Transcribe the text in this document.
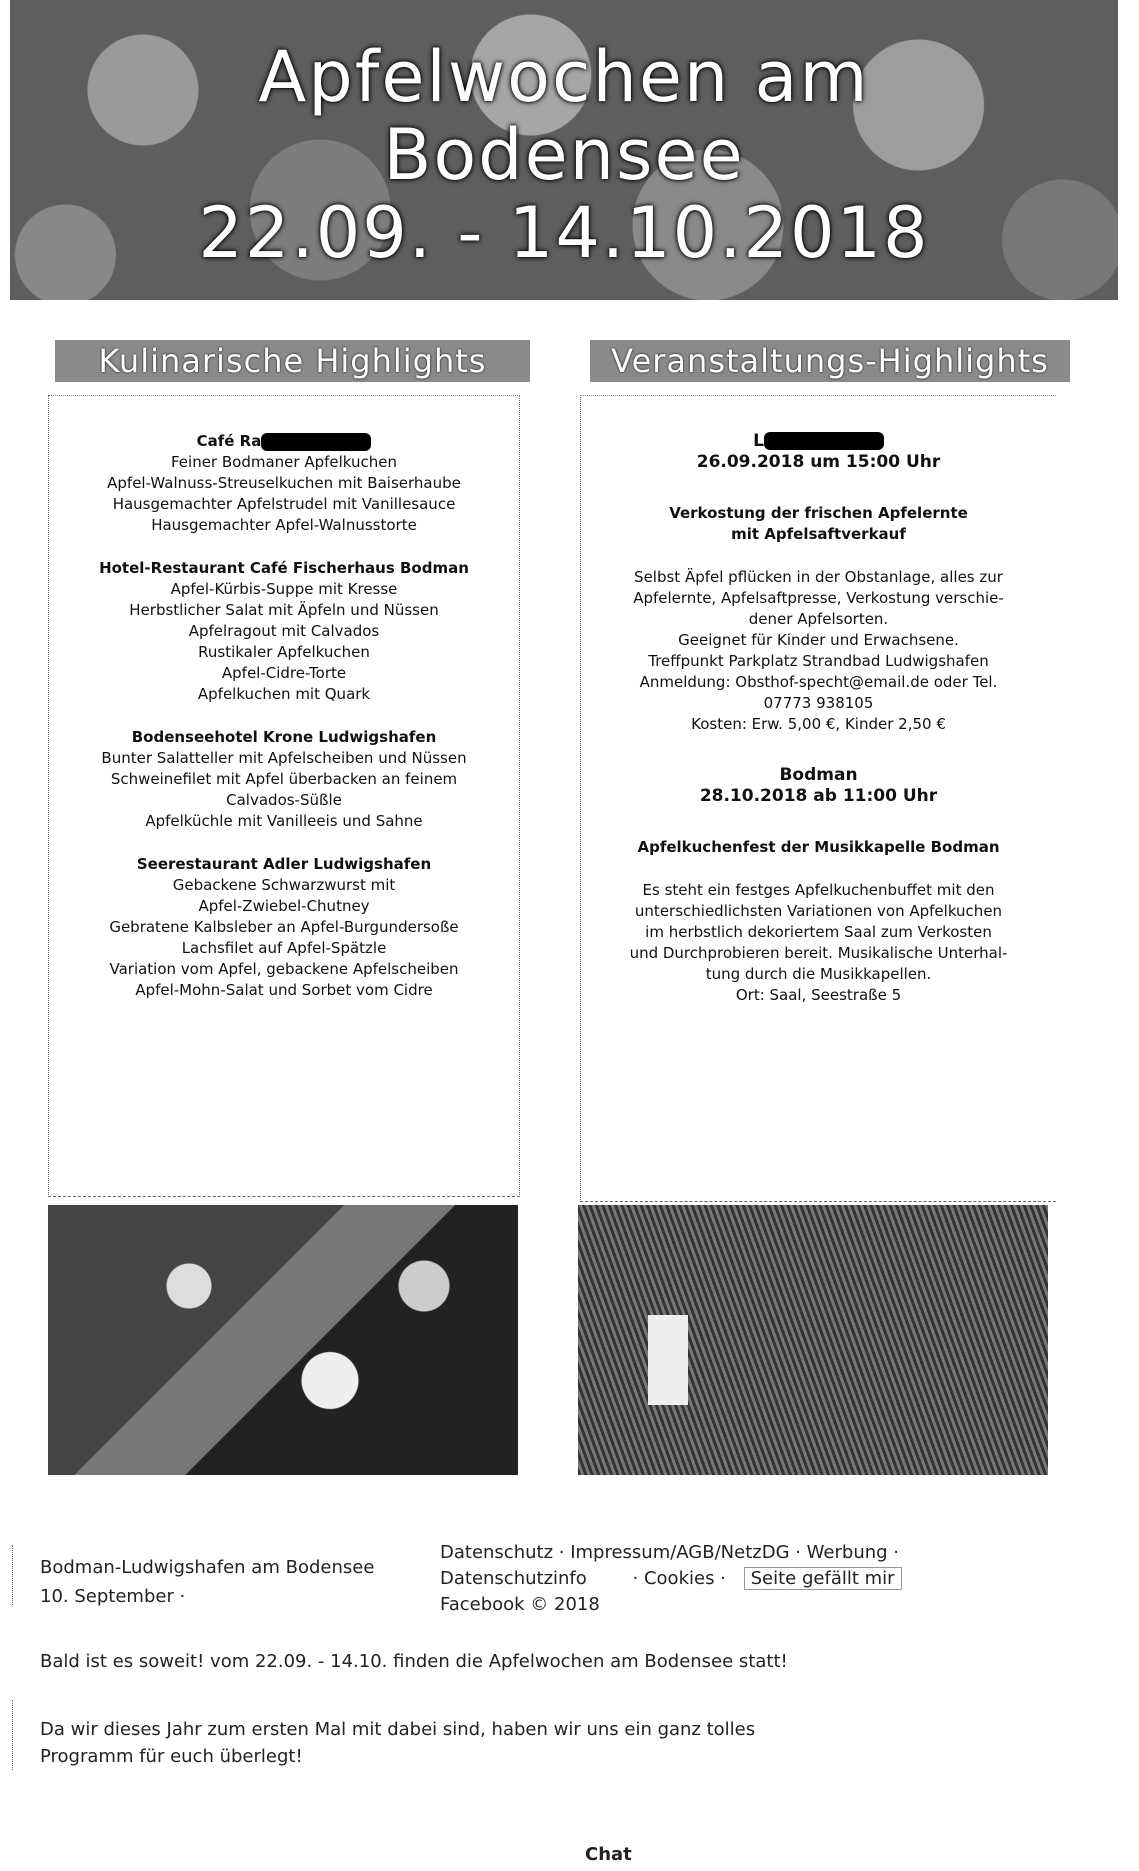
Apfelwochen am
Bodensee
22.09. - 14.10.2018
Kulinarische Highlights
Café Ra
Feiner Bodmaner Apfelkuchen
Apfel-Walnuss-Streuselkuchen mit Baiserhaube
Hausgemachter Apfelstrudel mit Vanillesauce
Hausgemachter Apfel-Walnusstorte
Hotel-Restaurant Café Fischerhaus Bodman
Apfel-Kürbis-Suppe mit Kresse
Herbstlicher Salat mit Äpfeln und Nüssen
Apfelragout mit Calvados
Rustikaler Apfelkuchen
Apfel-Cidre-Torte
Apfelkuchen mit Quark
Bodenseehotel Krone Ludwigshafen
Bunter Salatteller mit Apfelscheiben und Nüssen
Schweinefilet mit Apfel überbacken an feinem
Calvados-Süßle
Apfelküchle mit Vanilleeis und Sahne
Seerestaurant Adler Ludwigshafen
Gebackene Schwarzwurst mit
Apfel-Zwiebel-Chutney
Gebratene Kalbsleber an Apfel-Burgundersoße
Lachsfilet auf Apfel-Spätzle
Variation vom Apfel, gebackene Apfelscheiben
Apfel-Mohn-Salat und Sorbet vom Cidre
Veranstaltungs-Highlights
L
26.09.2018 um 15:00 Uhr
Verkostung der frischen Apfelernte
mit Apfelsaftverkauf
Selbst Äpfel pflücken in der Obstanlage, alles zur
Apfelernte, Apfelsaftpresse, Verkostung verschie-
dener Apfelsorten.
Geeignet für Kinder und Erwachsene.
Treffpunkt Parkplatz Strandbad Ludwigshafen
Anmeldung: Obsthof-specht@email.de oder Tel.
07773 938105
Kosten: Erw. 5,00 €, Kinder 2,50 €
Bodman
28.10.2018 ab 11:00 Uhr
Apfelkuchenfest der Musikkapelle Bodman
Es steht ein festges Apfelkuchenbuffet mit den
unterschiedlichsten Variationen von Apfelkuchen
im herbstlich dekoriertem Saal zum Verkosten
und Durchprobieren bereit. Musikalische Unterhal-
tung durch die Musikkapellen.
Ort: Saal, Seestraße 5
Bodman-Ludwigshafen am Bodensee
10. September ·
Datenschutz · Impressum/AGB/NetzDG · Werbung ·
Datenschutzinfo	· Cookies · Seite gefällt mir
Facebook © 2018
Bald ist es soweit! vom 22.09. - 14.10. finden die Apfelwochen am Bodensee statt!
Da wir dieses Jahr zum ersten Mal mit dabei sind, haben wir uns ein ganz tolles
Programm für euch überlegt!
Chat
